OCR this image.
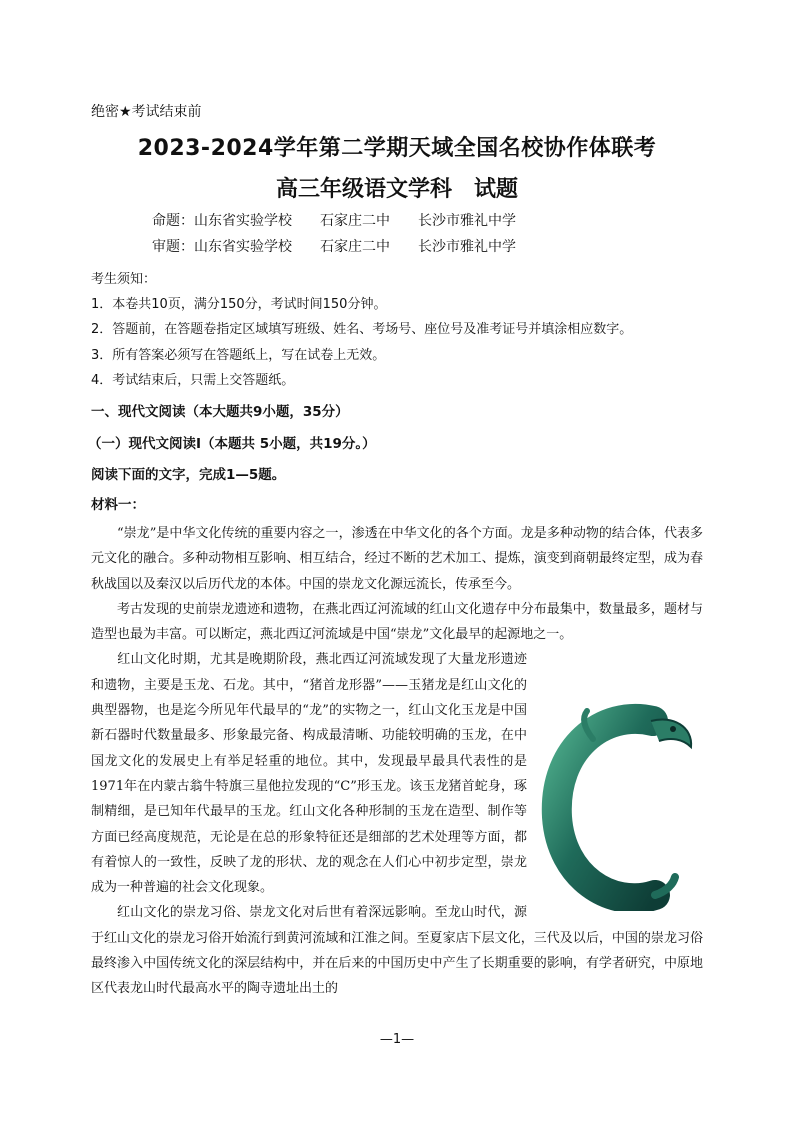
绝密★考试结束前
2023-2024学年第二学期天域全国名校协作体联考
高三年级语文学科　试题
命题：山东省实验学校　　石家庄二中　　长沙市雅礼中学
审题：山东省实验学校　　石家庄二中　　长沙市雅礼中学
考生须知：
1．本卷共10页，满分150分，考试时间150分钟。
2．答题前，在答题卷指定区域填写班级、姓名、考场号、座位号及准考证号并填涂相应数字。
3．所有答案必须写在答题纸上，写在试卷上无效。
4．考试结束后，只需上交答题纸。
一、现代文阅读（本大题共9小题，35分）
（一）现代文阅读Ⅰ（本题共 5小题，共19分。）
阅读下面的文字，完成1—5题。
材料一：

“崇龙”是中华文化传统的重要内容之一，渗透在中华文化的各个方面。龙是多种动物的结合体，代表多元文化的融合。多种动物相互影响、相互结合，经过不断的艺术加工、提炼，演变到商朝最终定型，成为春秋战国以及秦汉以后历代龙的本体。中国的崇龙文化源远流长，传承至今。

考古发现的史前崇龙遗迹和遗物，在燕北西辽河流域的红山文化遗存中分布最集中，数量最多，题材与造型也最为丰富。可以断定，燕北西辽河流域是中国“崇龙”文化最早的起源地之一。

红山文化时期，尤其是晚期阶段，燕北西辽河流域发现了大量龙形遗迹和遗物，主要是玉龙、石龙。其中，“猪首龙形器”——玉猪龙是红山文化的典型器物，也是迄今所见年代最早的“龙”的实物之一，红山文化玉龙是中国新石器时代数量最多、形象最完备、构成最清晰、功能较明确的玉龙，在中国龙文化的发展史上有举足轻重的地位。其中，发现最早最具代表性的是1971年在内蒙古翁牛特旗三星他拉发现的“C”形玉龙。该玉龙猪首蛇身，琢制精细，是已知年代最早的玉龙。红山文化各种形制的玉龙在造型、制作等方面已经高度规范，无论是在总的形象特征还是细部的艺术处理等方面，都有着惊人的一致性，反映了龙的形状、龙的观念在人们心中初步定型，崇龙成为一种普遍的社会文化现象。

红山文化的崇龙习俗、崇龙文化对后世有着深远影响。至龙山时代，源于红山文化的崇龙习俗开始流行到黄河流域和江淮之间。至夏家店下层文化，三代及以后，中国的崇龙习俗最终渗入中国传统文化的深层结构中，并在后来的中国历史中产生了长期重要的影响，有学者研究，中原地区代表龙山时代最高水平的陶寺遗址出土的

—1—
